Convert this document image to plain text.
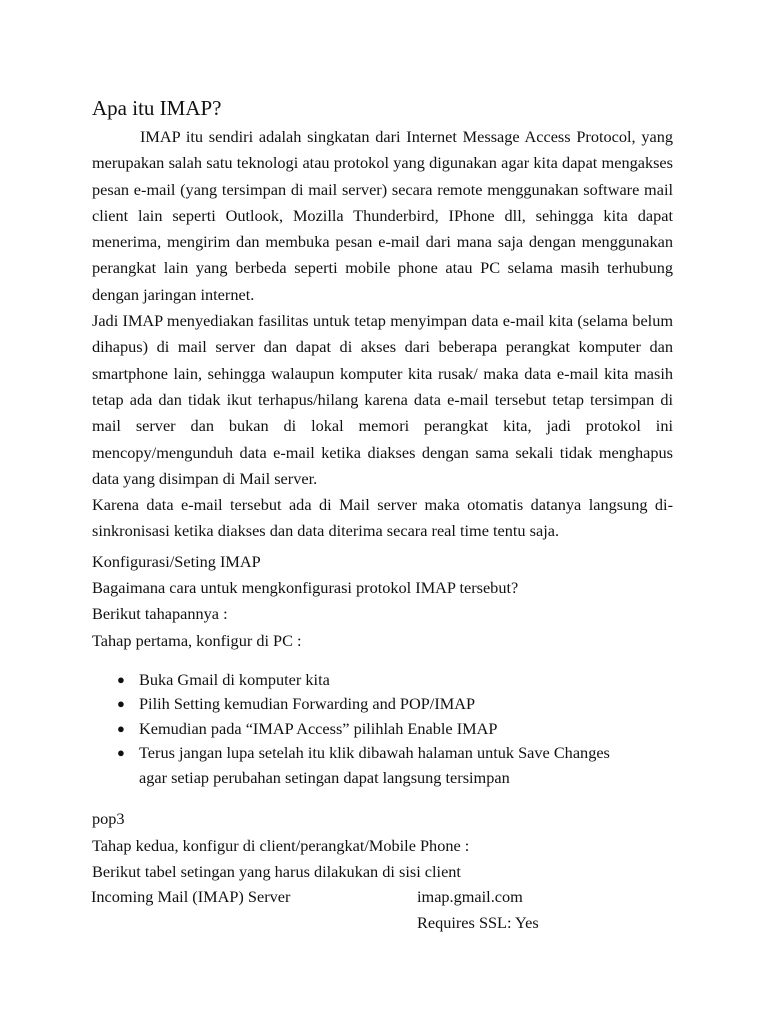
Apa itu IMAP?

IMAP itu sendiri adalah singkatan dari Internet Message Access Protocol, yang merupakan salah satu teknologi atau protokol yang digunakan agar kita dapat mengakses pesan e-mail (yang tersimpan di mail server) secara remote menggunakan software mail client lain seperti Outlook, Mozilla Thunderbird, IPhone dll, sehingga kita dapat menerima, mengirim dan membuka pesan e-mail dari mana saja dengan menggunakan perangkat lain yang berbeda seperti mobile phone atau PC selama masih terhubung dengan jaringan internet.

Jadi IMAP menyediakan fasilitas untuk tetap menyimpan data e-mail kita (selama belum dihapus) di mail server dan dapat di akses dari beberapa perangkat komputer dan smartphone lain, sehingga walaupun komputer kita rusak/ maka data e-mail kita masih tetap ada dan tidak ikut terhapus/hilang karena data e-mail tersebut tetap tersimpan di mail server dan bukan di lokal memori perangkat kita, jadi protokol ini mencopy/mengunduh data e-mail ketika diakses dengan sama sekali tidak menghapus data yang disimpan di Mail server.

Karena data e-mail tersebut ada di Mail server maka otomatis datanya langsung di-sinkronisasi ketika diakses dan data diterima secara real time tentu saja.

Konfigurasi/Seting IMAP

Bagaimana cara untuk mengkonfigurasi protokol IMAP tersebut?

Berikut tahapannya :

Tahap pertama, konfigur di PC :

● Buka Gmail di komputer kita
● Pilih Setting kemudian Forwarding and POP/IMAP
● Kemudian pada “IMAP Access” pilihlah Enable IMAP
● Terus jangan lupa setelah itu klik dibawah halaman untuk Save Changes agar setiap perubahan setingan dapat langsung tersimpan

pop3

Tahap kedua, konfigur di client/perangkat/Mobile Phone :

Berikut tabel setingan yang harus dilakukan di sisi client

Incoming Mail (IMAP) Server	imap.gmail.com
Requires SSL: Yes
